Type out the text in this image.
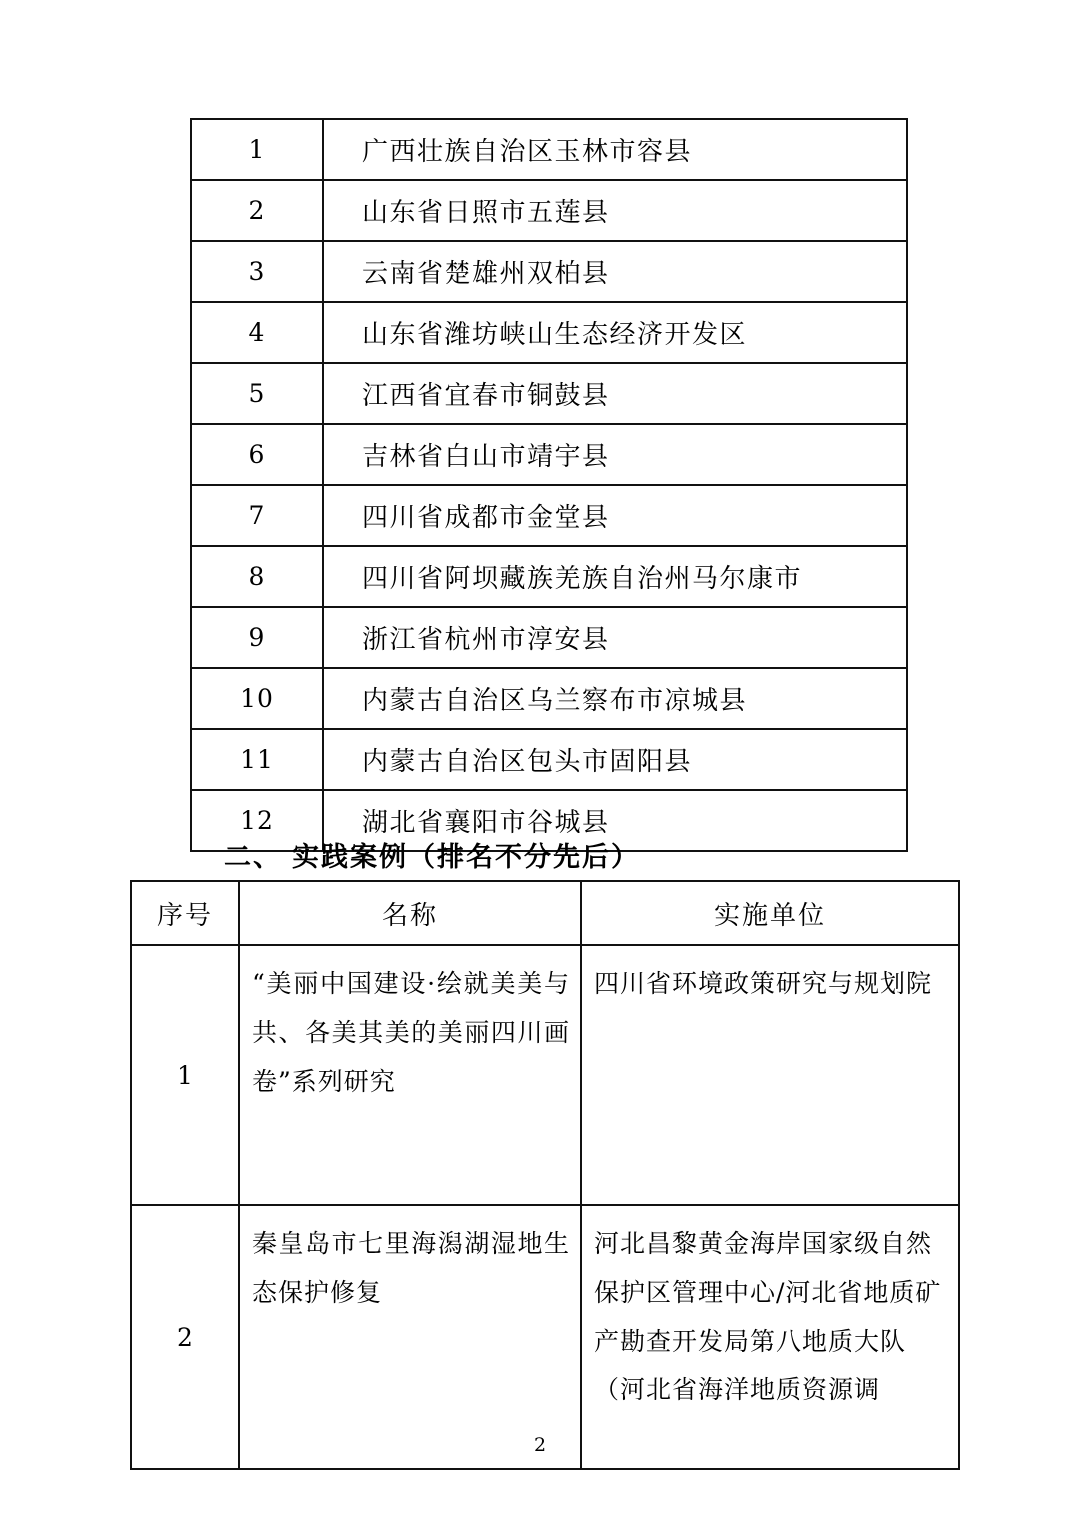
1	广西壮族自治区玉林市容县
2	山东省日照市五莲县
3	云南省楚雄州双柏县
4	山东省潍坊峡山生态经济开发区
5	江西省宜春市铜鼓县
6	吉林省白山市靖宇县
7	四川省成都市金堂县
8	四川省阿坝藏族羌族自治州马尔康市
9	浙江省杭州市淳安县
10	内蒙古自治区乌兰察布市凉城县
11	内蒙古自治区包头市固阳县
12	湖北省襄阳市谷城县
二、 实践案例（排名不分先后）
序号	名称	实施单位
1	“美丽中国建设·绘就美美与共、各美其美的美丽四川画卷”系列研究	四川省环境政策研究与规划院
2	秦皇岛市七里海潟湖湿地生态保护修复	河北昌黎黄金海岸国家级自然保护区管理中心/河北省地质矿产勘查开发局第八地质大队（河北省海洋地质资源调
2
